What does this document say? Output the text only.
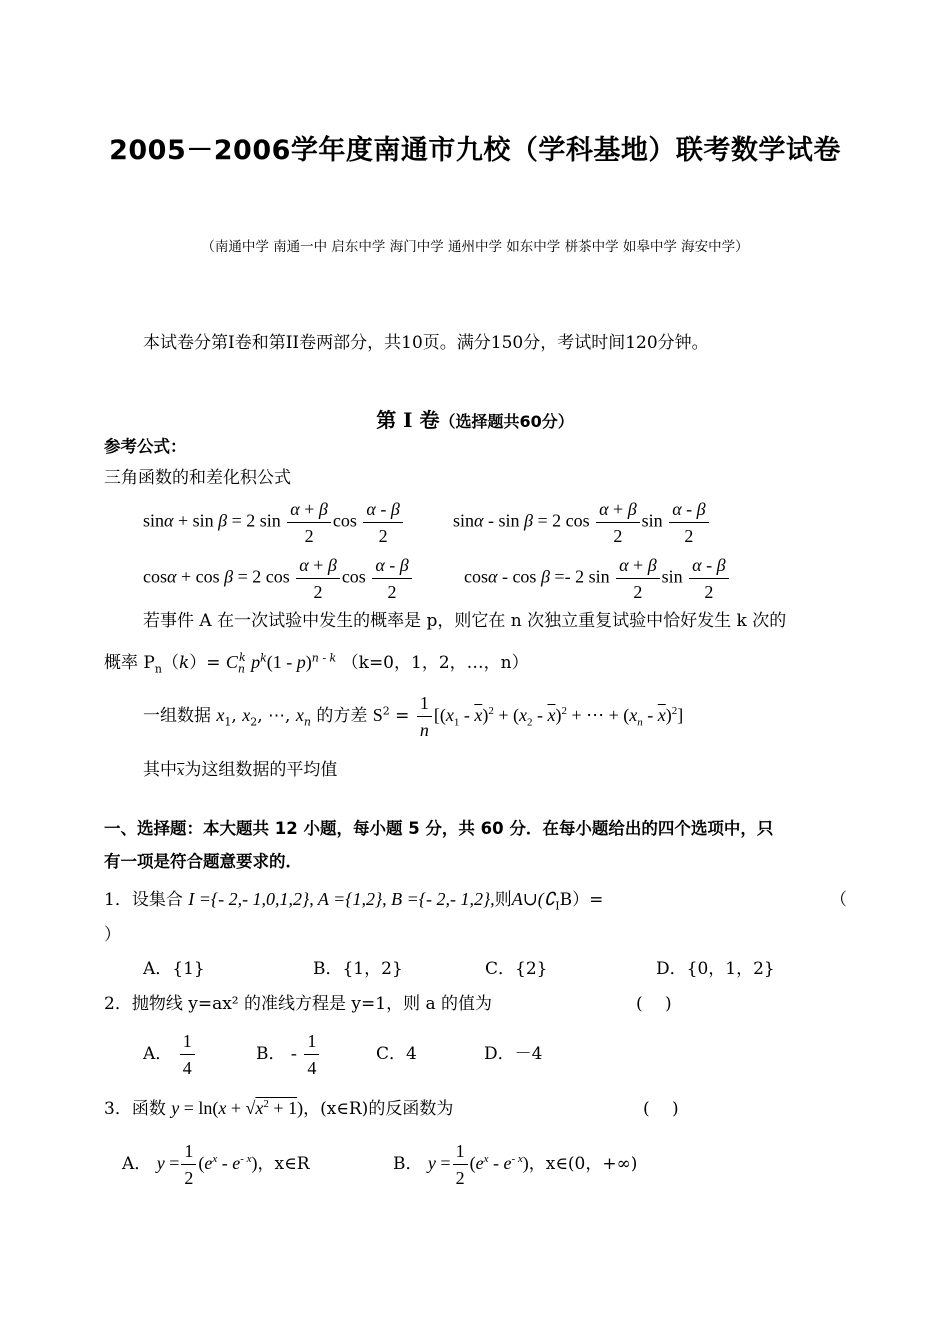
2005－2006学年度南通市九校（学科基地）联考数学试卷
（南通中学 南通一中 启东中学 海门中学 通州中学 如东中学 栟茶中学 如皋中学 海安中学）
本试卷分第I卷和第II卷两部分，共10页。满分150分，考试时间120分钟。
第 I 卷（选择题共60分）
参考公式：
三角函数的和差化积公式
sinα + sin β = 2 $\sin \frac{\alpha + \beta}{2}$ $\cos \frac{\alpha - \beta}{2}$	sinα - sin β = 2 $\cos \frac{\alpha + \beta}{2}$ $\sin \frac{\alpha - \beta}{2}$
cosα + cos β = 2 $\cos \frac{\alpha + \beta}{2}$ $\cos \frac{\alpha - \beta}{2}$	cosα - cos β =- 2 $\sin \frac{\alpha + \beta}{2}$ $\sin \frac{\alpha - \beta}{2}$
若事件 A 在一次试验中发生的概率是 p，则它在 n 次独立重复试验中恰好发生 k 次的
概率 $P_n(k)= C_n^k$ $p^k(1 - p)^{n - k}$ （k=0，1，2，…，n）
一组数据 $x_1$, $x_2$, ⋯, $x_n$ 的方差 $S^2 = \frac{1}{n} [(x_1 - \overline{x})^2 + (x_2 - \overline{x})^2$ + ⋯ + $(x_n - \overline{x})^2$]
其中$\overline{x}$为这组数据的平均值
一、选择题：本大题共 12 小题，每小题 5 分，共 60 分．在每小题给出的四个选项中，只
有一项是符合题意要求的．
1．设集合 I ={- 2,- 1,0,1,2}, A ={1,2}, B ={- 2,- 1,2},则$A\cup(∁_IB)=$	（
）
A．{1}	B．{1，2}	C．{2}	D．{0，1，2}
2．抛物线 y=ax² 的准线方程是 y=1，则 a 的值为	(　 )
A． $\frac{1}{4}$	B． - $\frac{1}{4}$	C．4	D．－4
3．函数 $y = \ln(x + √x^2 + 1)$，(x∈R)的反函数为	(　 )
A． $y = \frac{1}{2} (e^x - e^{- x})$，x∈R	B． $y = \frac{1}{2} (e^x - e^{- x})$，x∈(0，+∞)
